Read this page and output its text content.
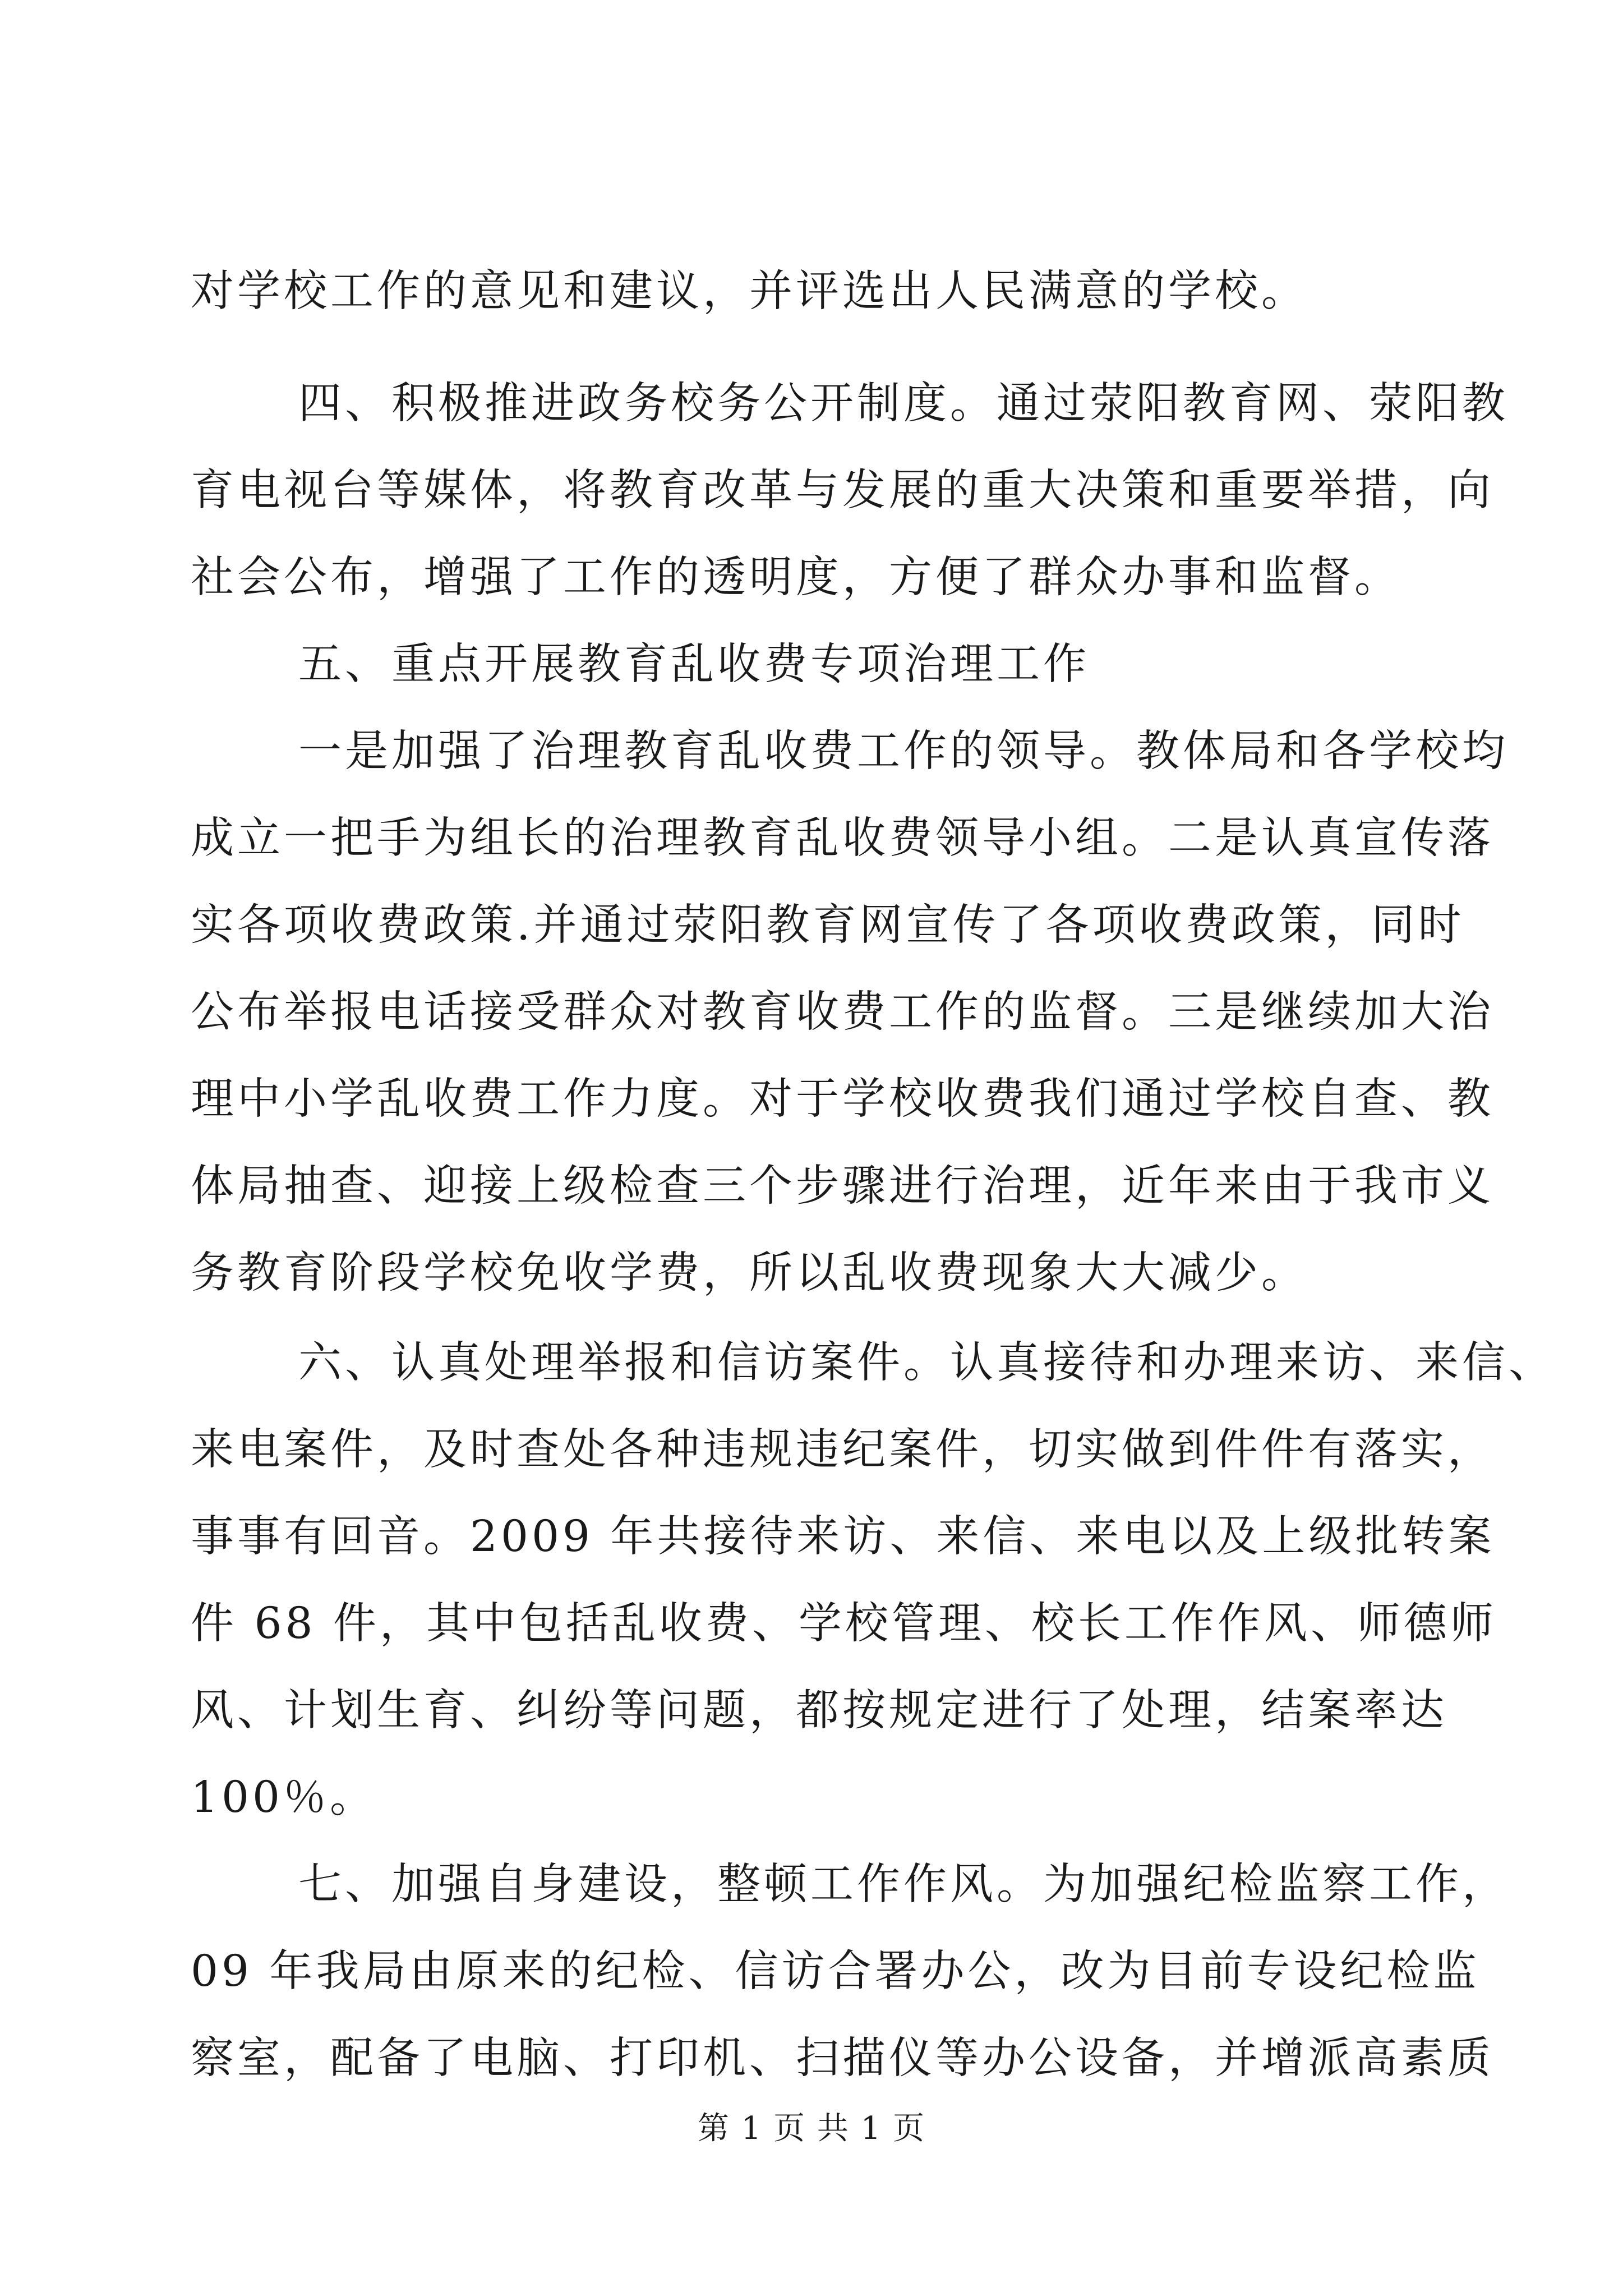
对学校工作的意见和建议，并评选出人民满意的学校。
四、积极推进政务校务公开制度。通过荥阳教育网、荥阳教
育电视台等媒体，将教育改革与发展的重大决策和重要举措，向
社会公布，增强了工作的透明度，方便了群众办事和监督。
五、重点开展教育乱收费专项治理工作
一是加强了治理教育乱收费工作的领导。教体局和各学校均
成立一把手为组长的治理教育乱收费领导小组。二是认真宣传落
实各项收费政策.并通过荥阳教育网宣传了各项收费政策，同时
公布举报电话接受群众对教育收费工作的监督。三是继续加大治
理中小学乱收费工作力度。对于学校收费我们通过学校自查、教
体局抽查、迎接上级检查三个步骤进行治理，近年来由于我市义
务教育阶段学校免收学费，所以乱收费现象大大减少。
六、认真处理举报和信访案件。认真接待和办理来访、来信、
来电案件，及时查处各种违规违纪案件，切实做到件件有落实，
事事有回音。2009 年共接待来访、来信、来电以及上级批转案
件 68 件，其中包括乱收费、学校管理、校长工作作风、师德师
风、计划生育、纠纷等问题，都按规定进行了处理，结案率达
100％。
七、加强自身建设，整顿工作作风。为加强纪检监察工作，
09 年我局由原来的纪检、信访合署办公，改为目前专设纪检监
察室，配备了电脑、打印机、扫描仪等办公设备，并增派高素质
第 1 页 共 1 页
